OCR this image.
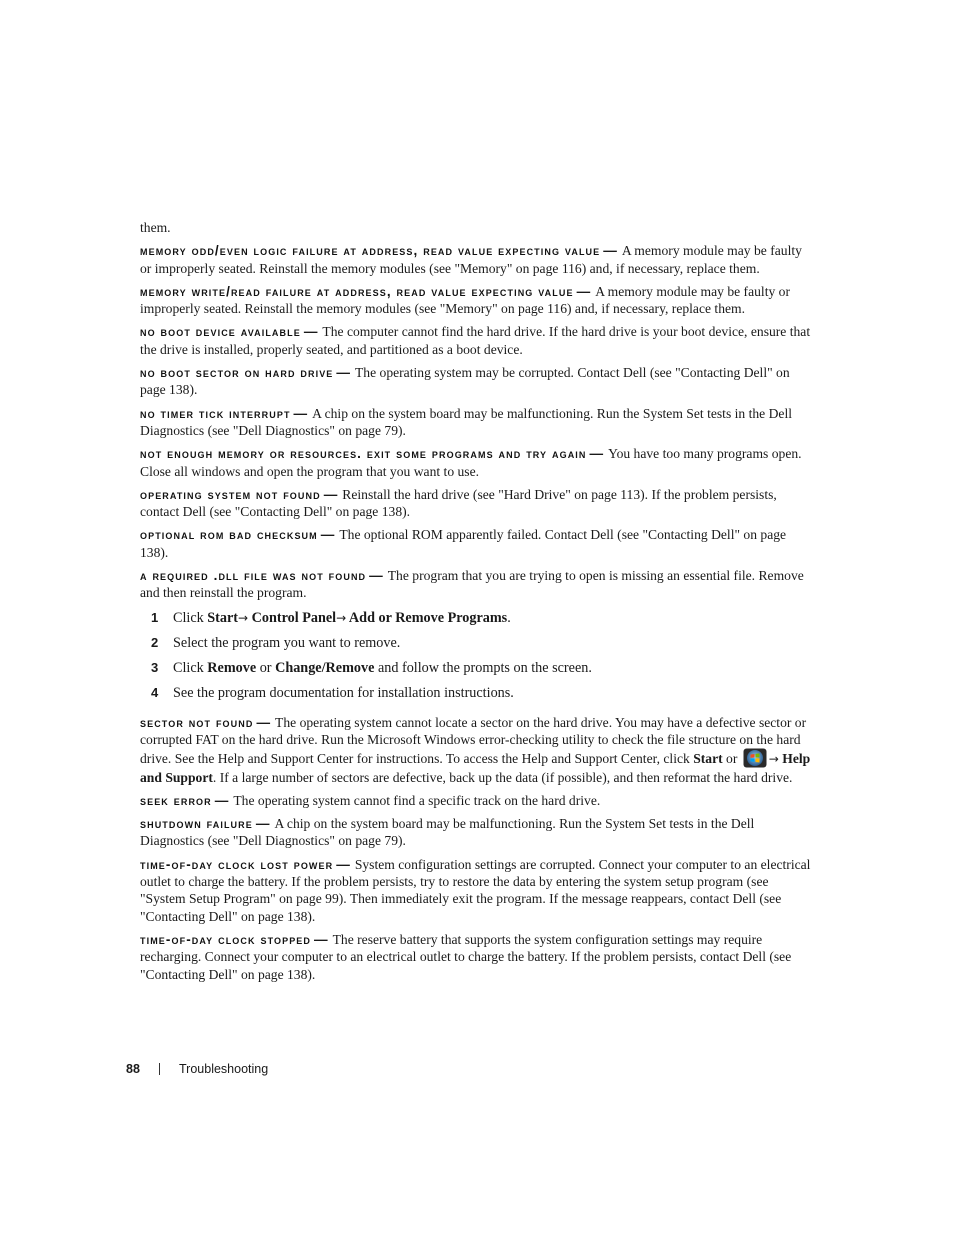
them.

memory odd/even logic failure at address, read value expecting value — A memory module may be faulty or improperly seated. Reinstall the memory modules (see "Memory" on page 116) and, if necessary, replace them.

memory write/read failure at address, read value expecting value — A memory module may be faulty or improperly seated. Reinstall the memory modules (see "Memory" on page 116) and, if necessary, replace them.

no boot device available — The computer cannot find the hard drive. If the hard drive is your boot device, ensure that the drive is installed, properly seated, and partitioned as a boot device.

no boot sector on hard drive — The operating system may be corrupted. Contact Dell (see "Contacting Dell" on page 138).

no timer tick interrupt — A chip on the system board may be malfunctioning. Run the System Set tests in the Dell Diagnostics (see "Dell Diagnostics" on page 79).

not enough memory or resources. exit some programs and try again — You have too many programs open. Close all windows and open the program that you want to use.

operating system not found — Reinstall the hard drive (see "Hard Drive" on page 113). If the problem persists, contact Dell (see "Contacting Dell" on page 138).

optional rom bad checksum — The optional ROM apparently failed. Contact Dell (see "Contacting Dell" on page 138).

a required .dll file was not found — The program that you are trying to open is missing an essential file. Remove and then reinstall the program.

1 Click Start→ Control Panel→ Add or Remove Programs.
2 Select the program you want to remove.
3 Click Remove or Change/Remove and follow the prompts on the screen.
4 See the program documentation for installation instructions.

sector not found — The operating system cannot locate a sector on the hard drive. You may have a defective sector or corrupted FAT on the hard drive. Run the Microsoft Windows error-checking utility to check the file structure on the hard drive. See the Help and Support Center for instructions. To access the Help and Support Center, click Start or
→ Help and Support. If a large number of sectors are defective, back up the data (if possible), and then reformat the hard drive.

seek error — The operating system cannot find a specific track on the hard drive.

shutdown failure — A chip on the system board may be malfunctioning. Run the System Set tests in the Dell Diagnostics (see "Dell Diagnostics" on page 79).

time-of-day clock lost power — System configuration settings are corrupted. Connect your computer to an electrical outlet to charge the battery. If the problem persists, try to restore the data by entering the system setup program (see "System Setup Program" on page 99). Then immediately exit the program. If the message reappears, contact Dell (see "Contacting Dell" on page 138).

time-of-day clock stopped — The reserve battery that supports the system configuration settings may require recharging. Connect your computer to an electrical outlet to charge the battery. If the problem persists, contact Dell (see "Contacting Dell" on page 138).

88	Troubleshooting
